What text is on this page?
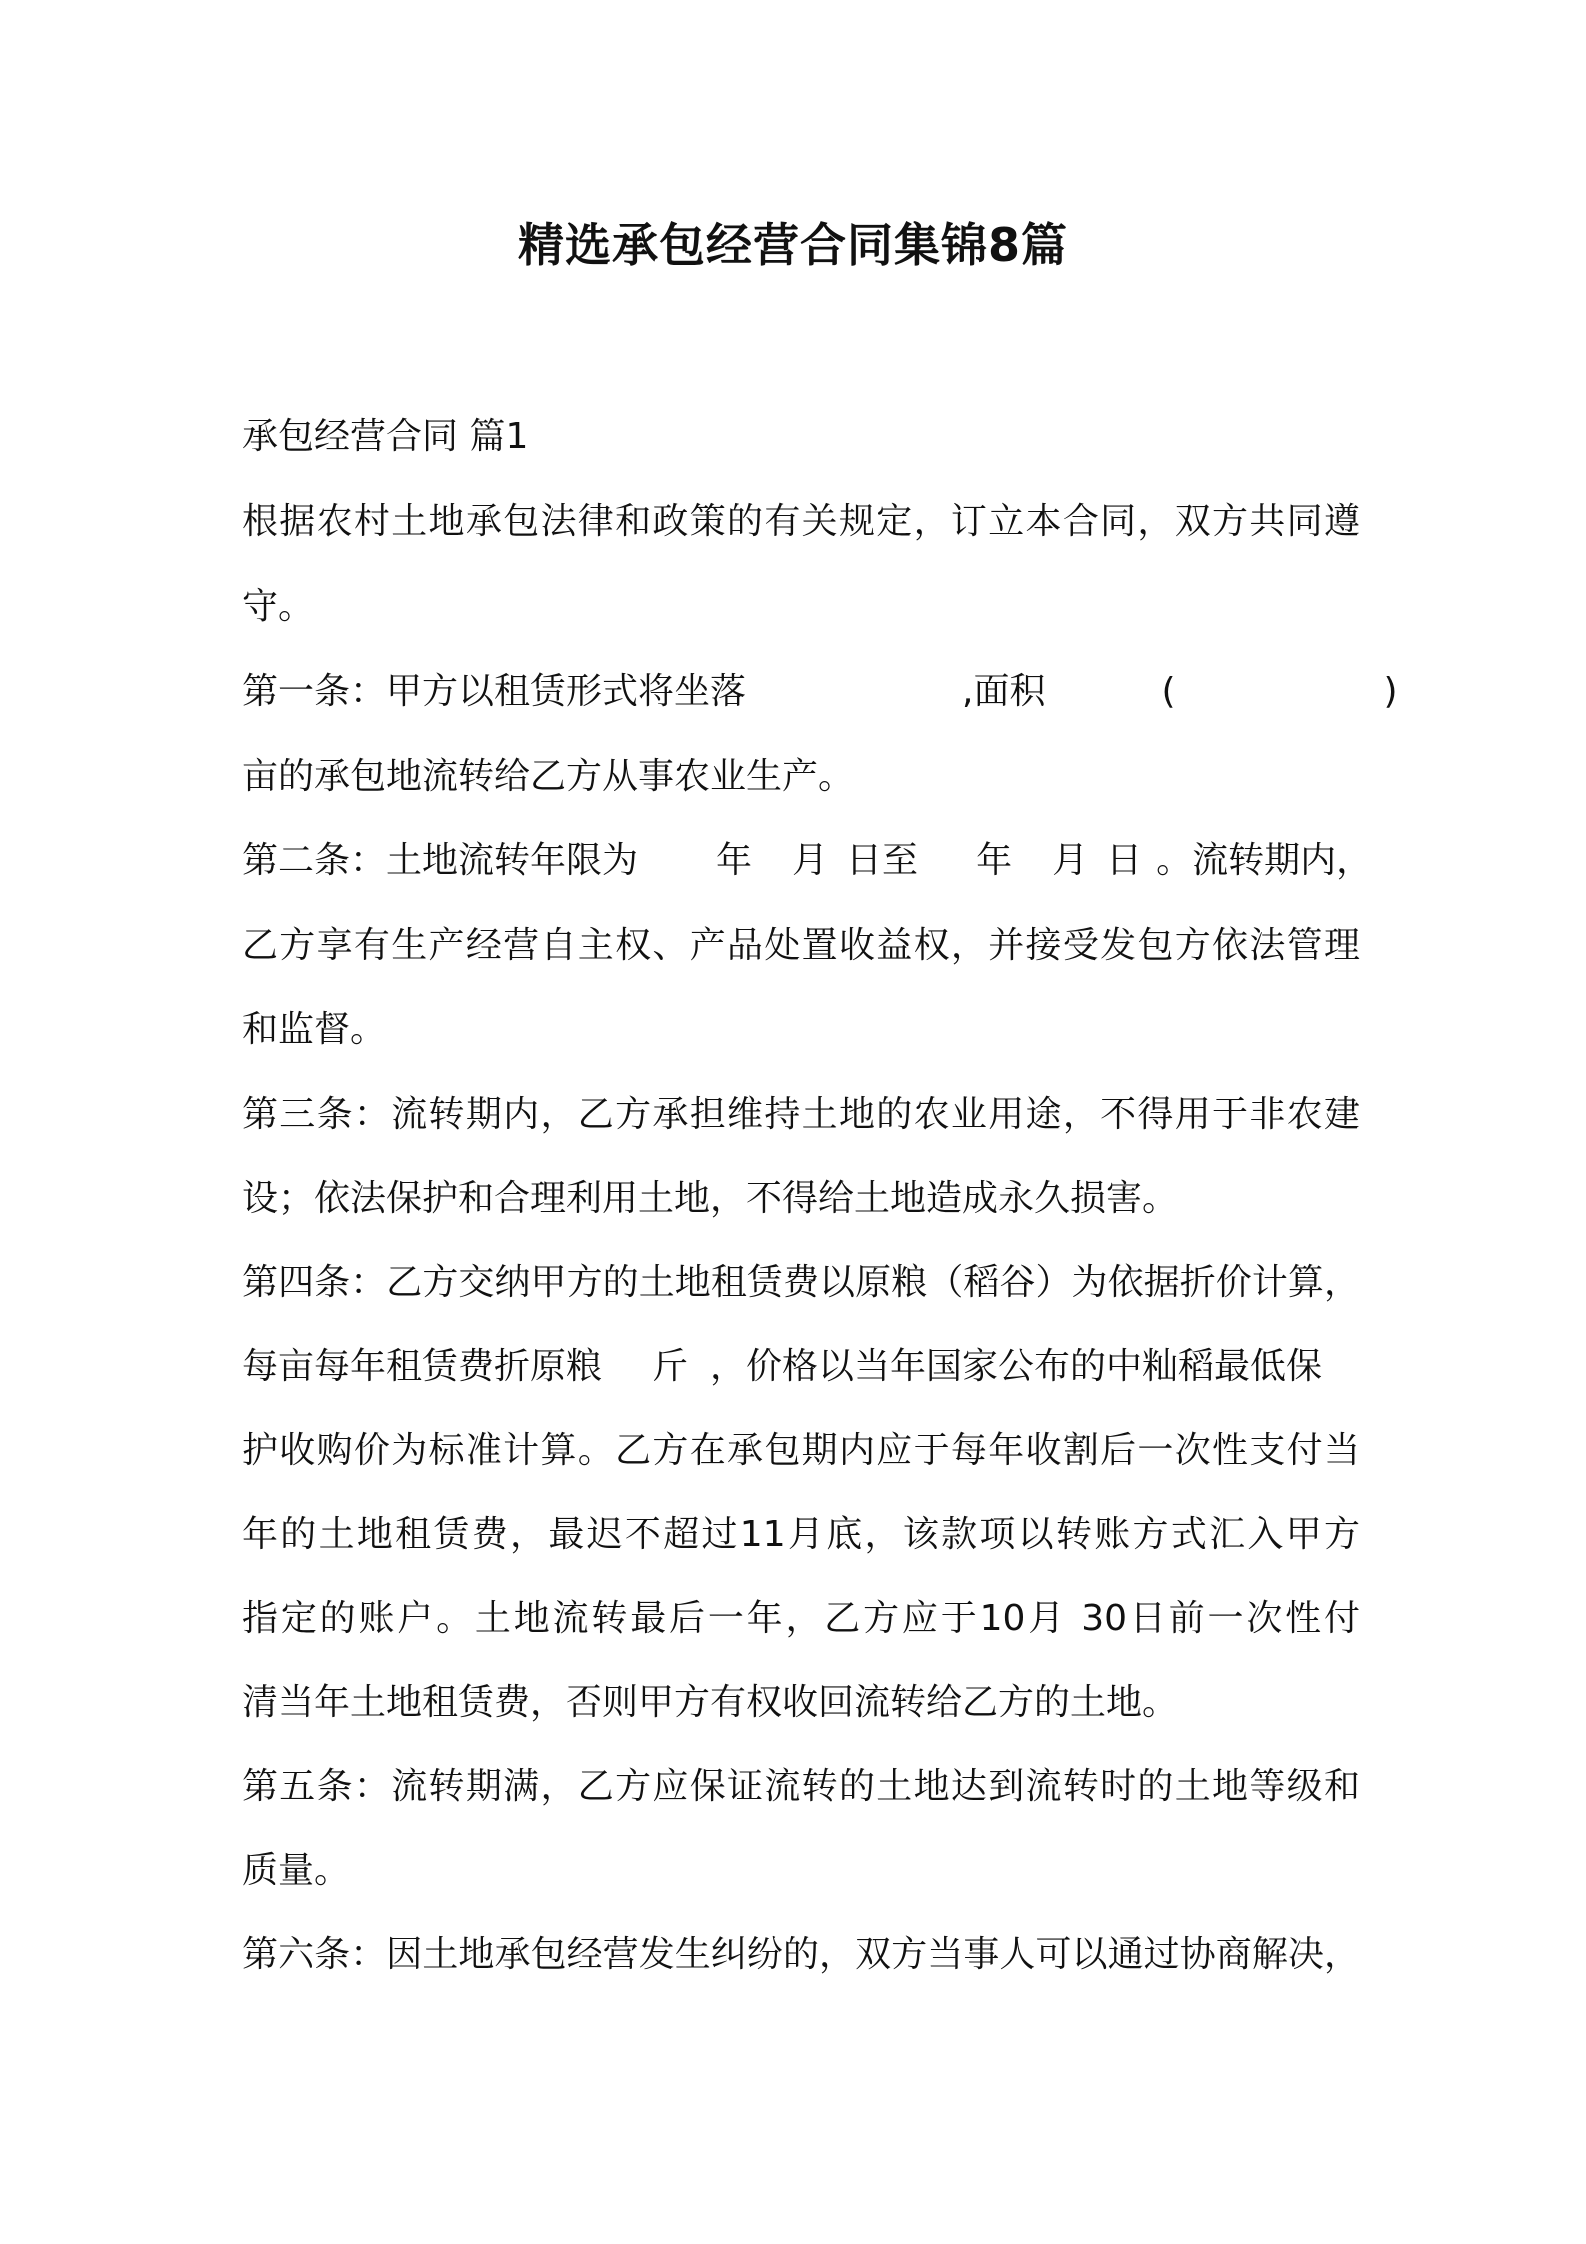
精选承包经营合同集锦8篇
承包经营合同 篇1
根据农村土地承包法律和政策的有关规定，订立本合同，双方共同遵
守。
第一条：甲方以租赁形式将坐落	,面积	(	)
亩的承包地流转给乙方从事农业生产。
第二条：土地流转年限为 年 月 日至 年 月 日 。流转期内，
乙方享有生产经营自主权、产品处置收益权，并接受发包方依法管理
和监督。
第三条：流转期内，乙方承担维持土地的农业用途，不得用于非农建
设；依法保护和合理利用土地，不得给土地造成永久损害。
第四条：乙方交纳甲方的土地租赁费以原粮（稻谷）为依据折价计算，
每亩每年租赁费折原粮 斤 ，价格以当年国家公布的中籼稻最低保
护收购价为标准计算。乙方在承包期内应于每年收割后一次性支付当
年的土地租赁费，最迟不超过11月底，该款项以转账方式汇入甲方
指定的账户。土地流转最后一年，乙方应于10月 30日前一次性付
清当年土地租赁费，否则甲方有权收回流转给乙方的土地。
第五条：流转期满，乙方应保证流转的土地达到流转时的土地等级和
质量。
第六条：因土地承包经营发生纠纷的，双方当事人可以通过协商解决，
